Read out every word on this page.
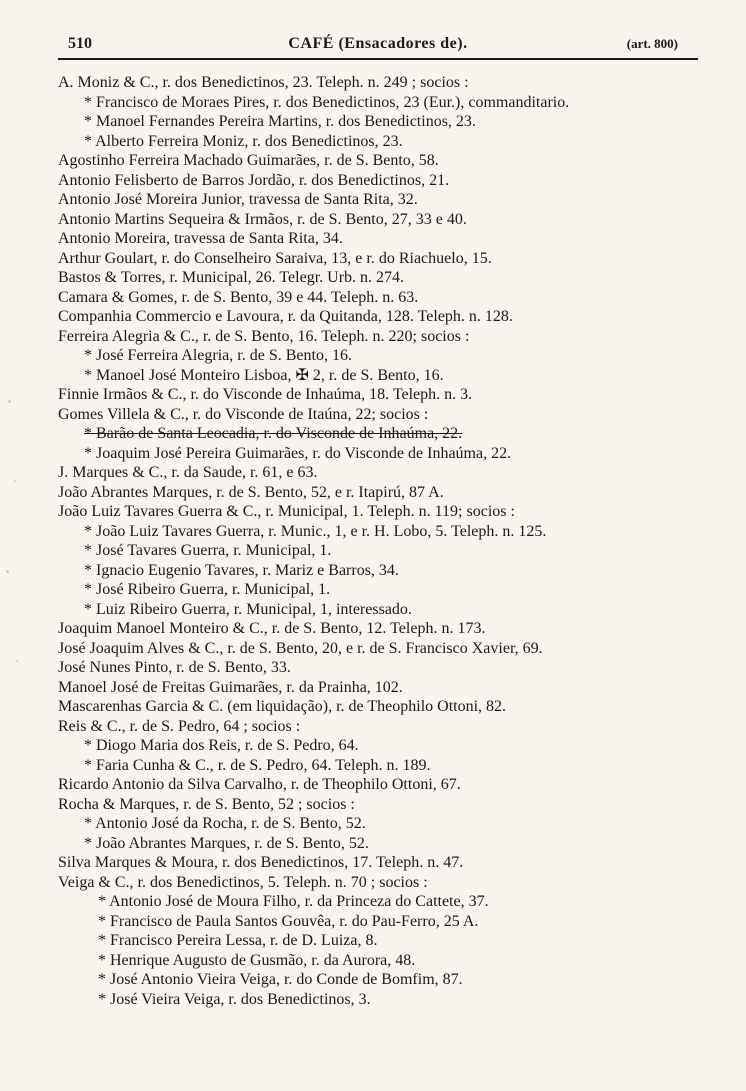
510	CAFÉ (Ensacadores de).	(art. 800)
A. Moniz & C., r. dos Benedictinos, 23. Teleph. n. 249 ; socios :
* Francisco de Moraes Pires, r. dos Benedictinos, 23 (Eur.), commanditario.
* Manoel Fernandes Pereira Martins, r. dos Benedictinos, 23.
* Alberto Ferreira Moniz, r. dos Benedictinos, 23.
Agostinho Ferreira Machado Guimarães, r. de S. Bento, 58.
Antonio Felisberto de Barros Jordão, r. dos Benedictinos, 21.
Antonio José Moreira Junior, travessa de Santa Rita, 32.
Antonio Martins Sequeira & Irmãos, r. de S. Bento, 27, 33 e 40.
Antonio Moreira, travessa de Santa Rita, 34.
Arthur Goulart, r. do Conselheiro Saraiva, 13, e r. do Riachuelo, 15.
Bastos & Torres, r. Municipal, 26. Telegr. Urb. n. 274.
Camara & Gomes, r. de S. Bento, 39 e 44. Teleph. n. 63.
Companhia Commercio e Lavoura, r. da Quitanda, 128. Teleph. n. 128.
Ferreira Alegria & C., r. de S. Bento, 16. Teleph. n. 220; socios :
* José Ferreira Alegria, r. de S. Bento, 16.
* Manoel José Monteiro Lisboa, ✠ 2, r. de S. Bento, 16.
Finnie Irmãos & C., r. do Visconde de Inhaúma, 18. Teleph. n. 3.
Gomes Villela & C., r. do Visconde de Itaúna, 22; socios :
* Barão de Santa Leocadia, r. do Visconde de Inhaúma, 22.
* Joaquim José Pereira Guimarães, r. do Visconde de Inhaúma, 22.
J. Marques & C., r. da Saude, r. 61, e 63.
João Abrantes Marques, r. de S. Bento, 52, e r. Itapirú, 87 A.
João Luiz Tavares Guerra & C., r. Municipal, 1. Teleph. n. 119; socios :
* João Luiz Tavares Guerra, r. Munic., 1, e r. H. Lobo, 5. Teleph. n. 125.
* José Tavares Guerra, r. Municipal, 1.
* Ignacio Eugenio Tavares, r. Mariz e Barros, 34.
* José Ribeiro Guerra, r. Municipal, 1.
* Luiz Ribeiro Guerra, r. Municipal, 1, interessado.
Joaquim Manoel Monteiro & C., r. de S. Bento, 12. Teleph. n. 173.
José Joaquim Alves & C., r. de S. Bento, 20, e r. de S. Francisco Xavier, 69.
José Nunes Pinto, r. de S. Bento, 33.
Manoel José de Freitas Guimarães, r. da Prainha, 102.
Mascarenhas Garcia & C. (em liquidação), r. de Theophilo Ottoni, 82.
Reis & C., r. de S. Pedro, 64 ; socios :
* Diogo Maria dos Reis, r. de S. Pedro, 64.
* Faria Cunha & C., r. de S. Pedro, 64. Teleph. n. 189.
Ricardo Antonio da Silva Carvalho, r. de Theophilo Ottoni, 67.
Rocha & Marques, r. de S. Bento, 52 ; socios :
* Antonio José da Rocha, r. de S. Bento, 52.
* João Abrantes Marques, r. de S. Bento, 52.
Silva Marques & Moura, r. dos Benedictinos, 17. Teleph. n. 47.
Veiga & C., r. dos Benedictinos, 5. Teleph. n. 70 ; socios :
* Antonio José de Moura Filho, r. da Princeza do Cattete, 37.
* Francisco de Paula Santos Gouvêa, r. do Pau-Ferro, 25 A.
* Francisco Pereira Lessa, r. de D. Luiza, 8.
* Henrique Augusto de Gusmão, r. da Aurora, 48.
* José Antonio Vieira Veiga, r. do Conde de Bomfim, 87.
* José Vieira Veiga, r. dos Benedictinos, 3.
